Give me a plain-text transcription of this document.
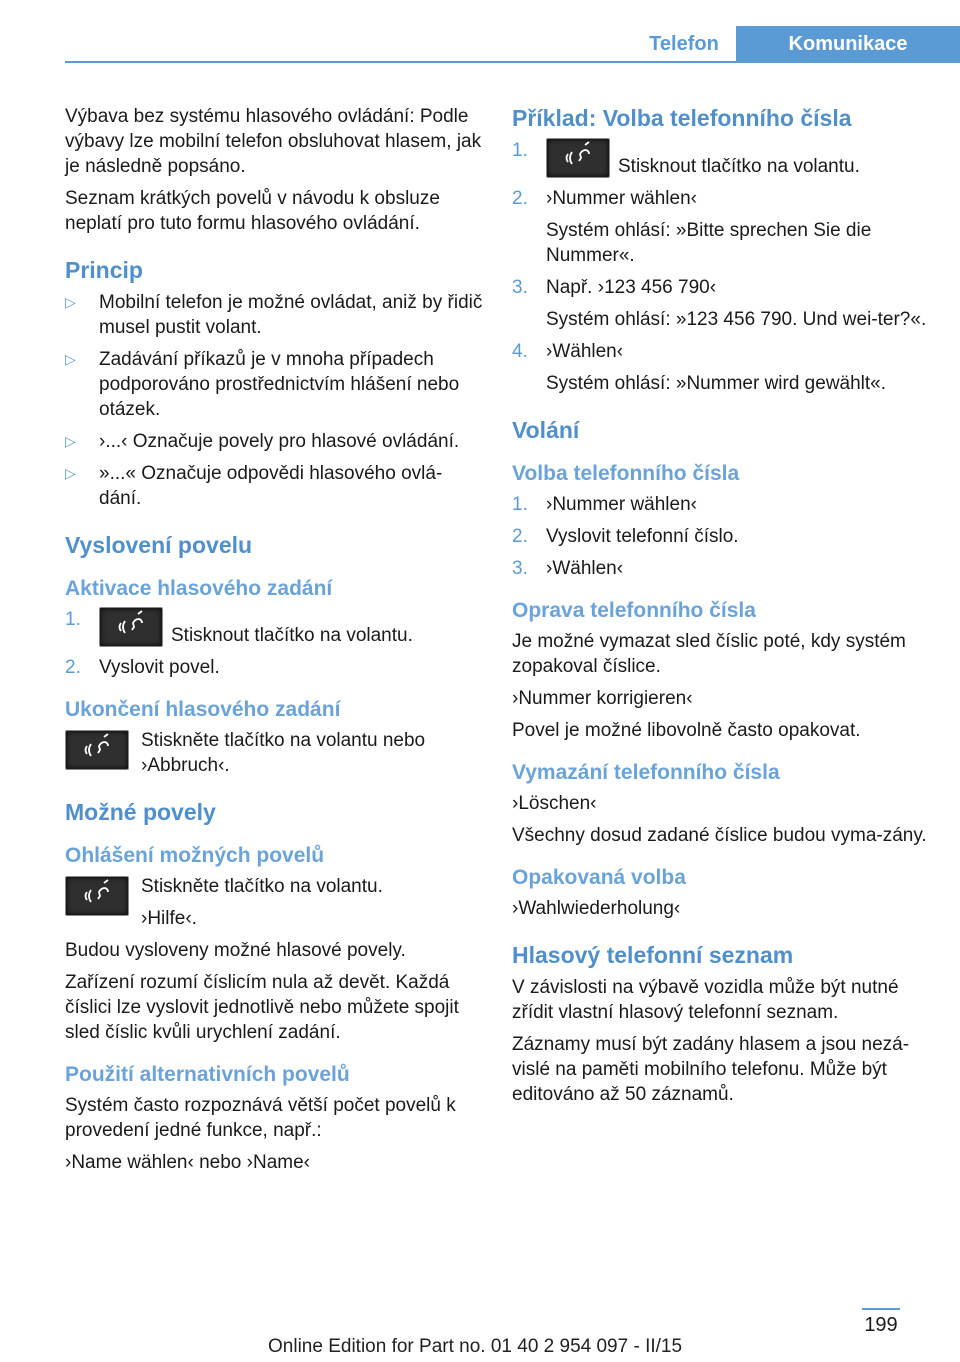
Telefon	Komunikace

Výbava bez systému hlasového ovládání: Podle výbavy lze mobilní telefon obsluhovat hlasem, jak je následně popsáno.

Seznam krátkých povelů v návodu k obsluze neplatí pro tuto formu hlasového ovládání.

Princip
▷ Mobilní telefon je možné ovládat, aniž by řidič musel pustit volant.
▷ Zadávání příkazů je v mnoha případech podporováno prostřednictvím hlášení nebo otázek.
▷ ›...‹ Označuje povely pro hlasové ovládání.
▷ »...« Označuje odpovědi hlasového ovlá-dání.
Vyslovení povelu
Aktivace hlasového zadání
1.
Stisknout tlačítko na volantu.
2. Vyslovit povel.
Ukončení hlasového zadání
Stiskněte tlačítko na volantu nebo ›Abbruch‹.
Možné povely
Ohlášení možných povelů

Stiskněte tlačítko na volantu.

›Hilfe‹.

Budou vysloveny možné hlasové povely.

Zařízení rozumí číslicím nula až devět. Každá číslici lze vyslovit jednotlivě nebo můžete spojit sled číslic kvůli urychlení zadání.

Použití alternativních povelů

Systém často rozpoznává větší počet povelů k provedení jedné funkce, např.:

›Name wählen‹ nebo ›Name‹

Příklad: Volba telefonního čísla
1.
Stisknout tlačítko na volantu.
2. ›Nummer wählen‹
Systém ohlásí: »Bitte sprechen Sie die Nummer«.
3. Např. ›123 456 790‹
Systém ohlásí: »123 456 790. Und wei-ter?«.
4. ›Wählen‹
Systém ohlásí: »Nummer wird gewählt«.
Volání
Volba telefonního čísla
1. ›Nummer wählen‹
2. Vyslovit telefonní číslo.
3. ›Wählen‹
Oprava telefonního čísla

Je možné vymazat sled číslic poté, kdy systém zopakoval číslice.

›Nummer korrigieren‹

Povel je možné libovolně často opakovat.

Vymazání telefonního čísla

›Löschen‹

Všechny dosud zadané číslice budou vyma-zány.

Opakovaná volba

›Wahlwiederholung‹

Hlasový telefonní seznam

V závislosti na výbavě vozidla může být nutné zřídit vlastní hlasový telefonní seznam.

Záznamy musí být zadány hlasem a jsou nezá-vislé na paměti mobilního telefonu. Může být editováno až 50 záznamů.

199
Online Edition for Part no. 01 40 2 954 097 - II/15
